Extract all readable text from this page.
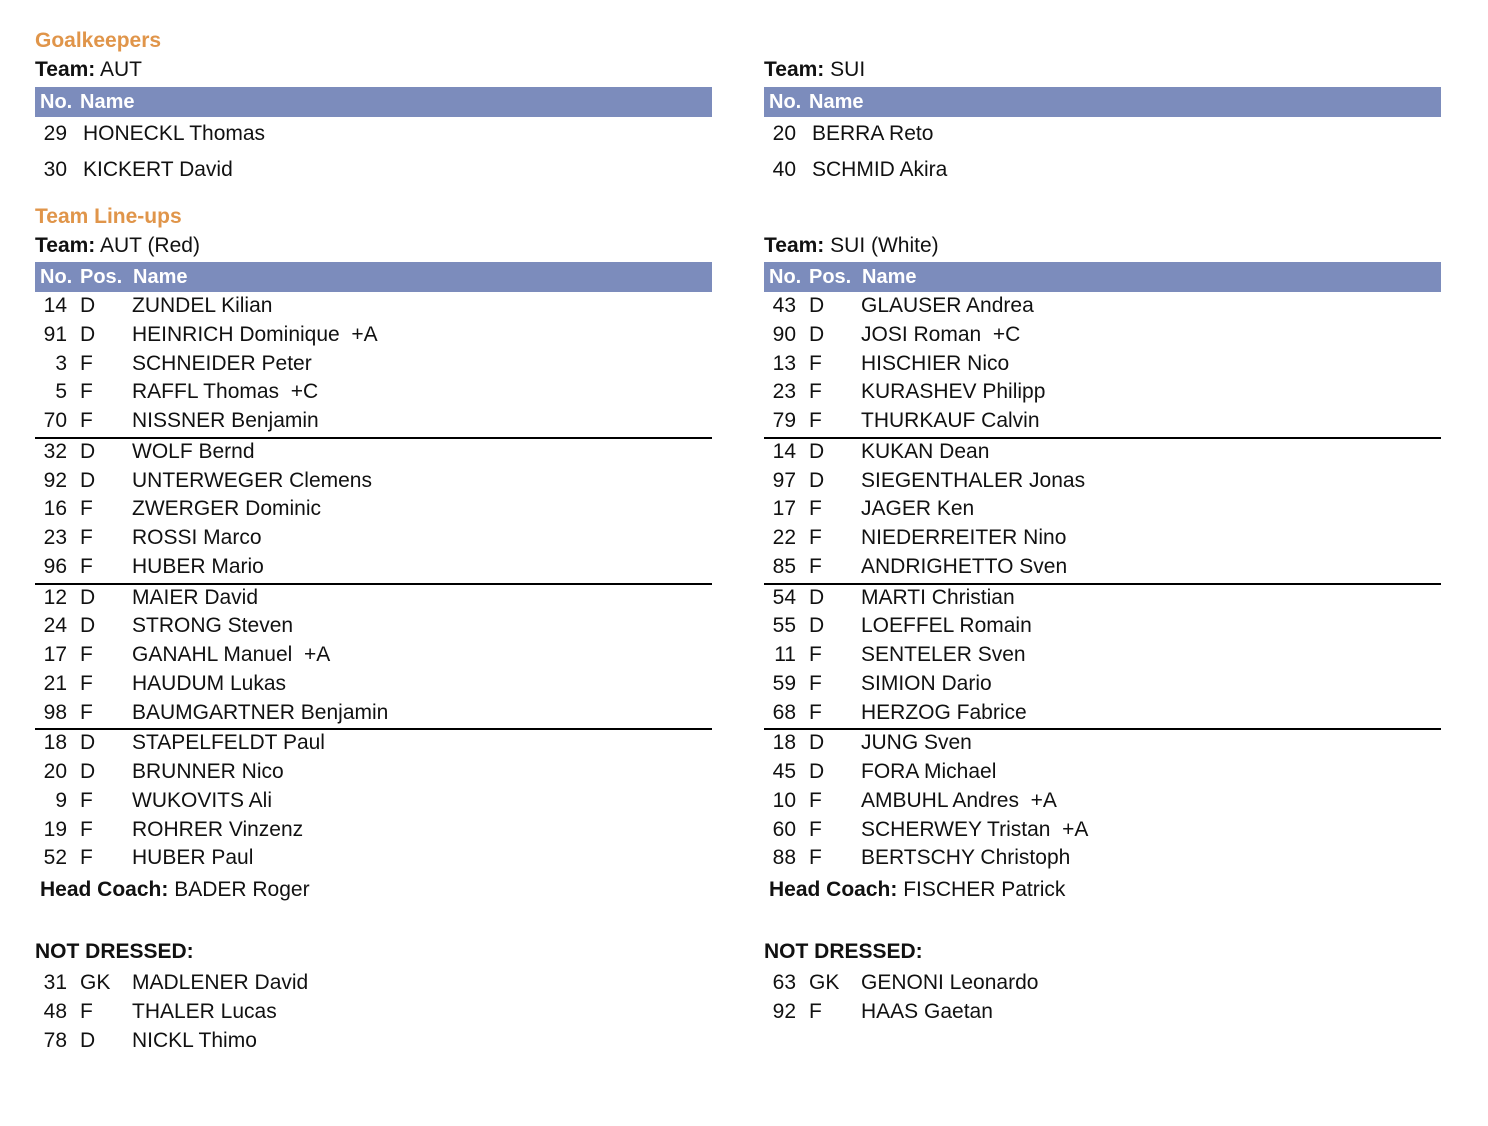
Goalkeepers
Team: AUT
No. Name
29 HONECKL Thomas
30 KICKERT David
Team Line-ups
Team: AUT (Red)
No. Pos. Name
14 D ZUNDEL Kilian
91 D HEINRICH Dominique  +A
3 F SCHNEIDER Peter
5 F RAFFL Thomas  +C
70 F NISSNER Benjamin
32 D WOLF Bernd
92 D UNTERWEGER Clemens
16 F ZWERGER Dominic
23 F ROSSI Marco
96 F HUBER Mario
12 D MAIER David
24 D STRONG Steven
17 F GANAHL Manuel  +A
21 F HAUDUM Lukas
98 F BAUMGARTNER Benjamin
18 D STAPELFELDT Paul
20 D BRUNNER Nico
9 F WUKOVITS Ali
19 F ROHRER Vinzenz
52 F HUBER Paul
Head Coach: BADER Roger
NOT DRESSED:
31 GK MADLENER David
48 F THALER Lucas
78 D NICKL Thimo
Team: SUI
No. Name
20 BERRA Reto
40 SCHMID Akira
Team: SUI (White)
No. Pos. Name
43 D GLAUSER Andrea
90 D JOSI Roman  +C
13 F HISCHIER Nico
23 F KURASHEV Philipp
79 F THURKAUF Calvin
14 D KUKAN Dean
97 D SIEGENTHALER Jonas
17 F JAGER Ken
22 F NIEDERREITER Nino
85 F ANDRIGHETTO Sven
54 D MARTI Christian
55 D LOEFFEL Romain
11 F SENTELER Sven
59 F SIMION Dario
68 F HERZOG Fabrice
18 D JUNG Sven
45 D FORA Michael
10 F AMBUHL Andres  +A
60 F SCHERWEY Tristan  +A
88 F BERTSCHY Christoph
Head Coach: FISCHER Patrick
NOT DRESSED:
63 GK GENONI Leonardo
92 F HAAS Gaetan
